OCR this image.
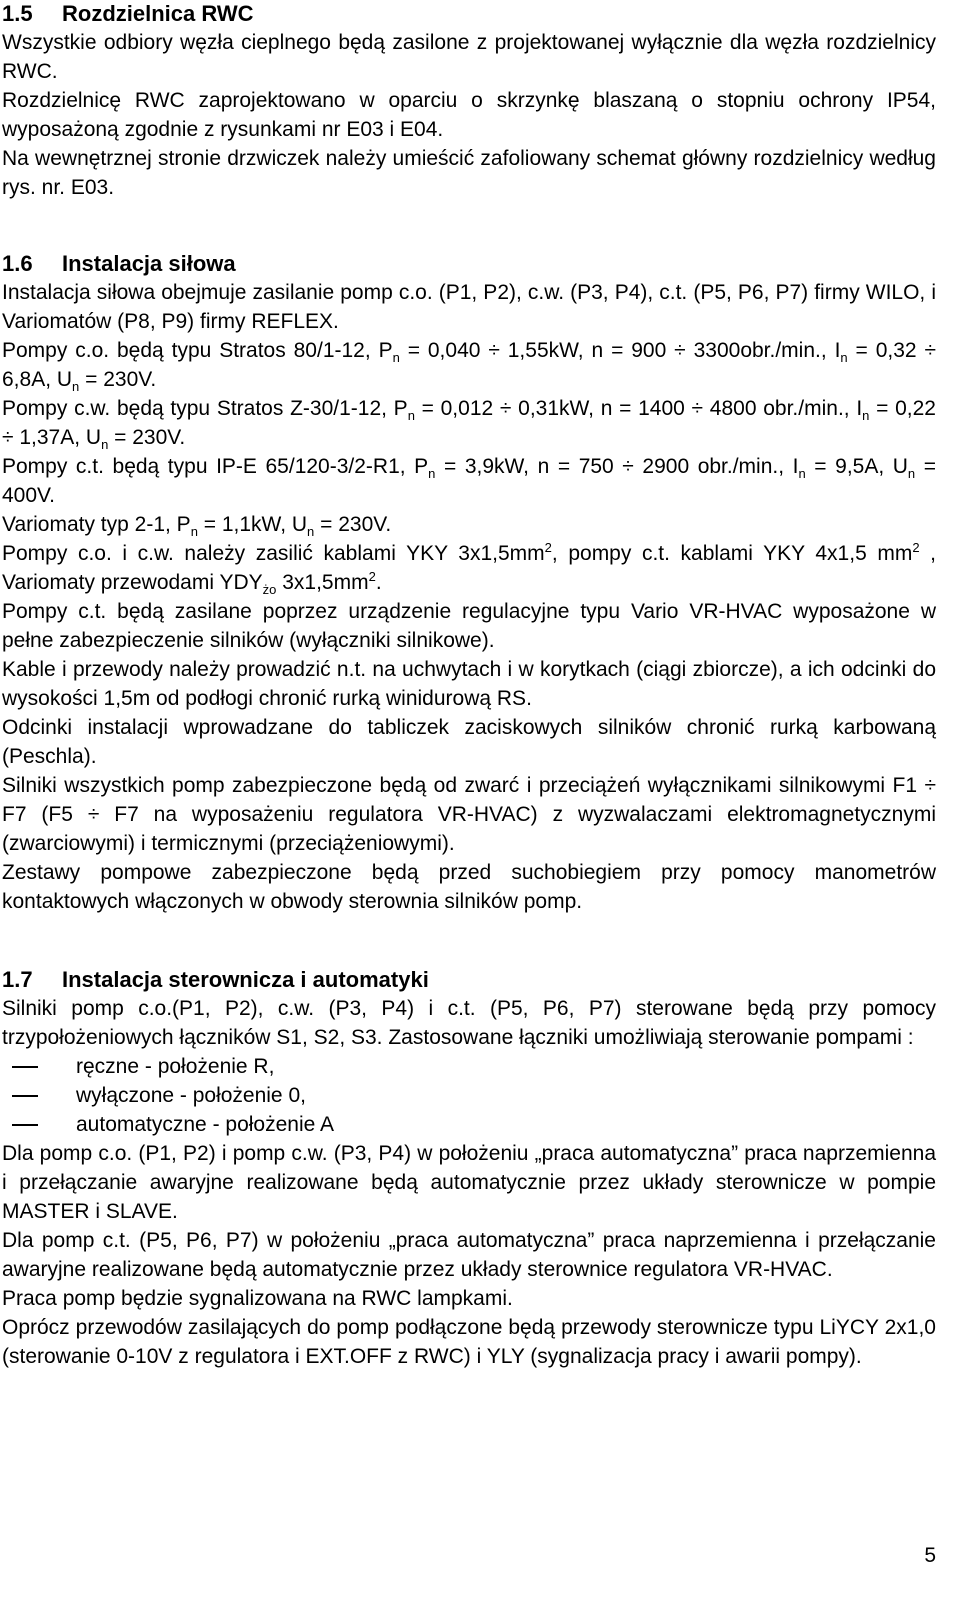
1.5 Rozdzielnica RWC

Wszystkie odbiory węzła cieplnego będą zasilone z projektowanej wyłącznie dla węzła rozdzielnicy RWC.

Rozdzielnicę RWC zaprojektowano w oparciu o skrzynkę blaszaną o stopniu ochrony IP54, wyposażoną zgodnie z rysunkami nr E03 i E04.

Na wewnętrznej stronie drzwiczek należy umieścić zafoliowany schemat główny rozdzielnicy według rys. nr. E03.

1.6 Instalacja siłowa

Instalacja siłowa obejmuje zasilanie pomp c.o. (P1, P2), c.w. (P3, P4), c.t. (P5, P6, P7) firmy WILO, i Variomatów (P8, P9) firmy REFLEX.

Pompy c.o. będą typu Stratos 80/1-12, $P_n = 0,040 \div 1,55kW$, n = 900 ÷ 3300obr./min., $I_n = 0,32 \div 6,8A$, $U_n = 230V$.

Pompy c.w. będą typu Stratos Z-30/1-12, $P_n = 0,012 \div 0,31kW$, n = 1400 ÷ 4800 obr./min., $I_n = 0,22 \div 1,37A$, $U_n = 230V$.

Pompy c.t. będą typu IP-E 65/120-3/2-R1, $P_n = 3,9kW$, n = 750 ÷ 2900 obr./min., $I_n = 9,5A$, $U_n = 400V$.

Variomaty typ 2-1, $P_n = 1,1kW$, $U_n = 230V$.

Pompy c.o. i c.w. należy zasilić kablami YKY $3x1,5mm^2$, pompy c.t. kablami YKY 4x1,5 $mm^2$ , Variomaty przewodami $YDY_{żo}$ $3x1,5mm^2$.

Pompy c.t. będą zasilane poprzez urządzenie regulacyjne typu Vario VR-HVAC wyposażone w pełne zabezpieczenie silników (wyłączniki silnikowe).

Kable i przewody należy prowadzić n.t. na uchwytach i w korytkach (ciągi zbiorcze), a ich odcinki do wysokości 1,5m od podłogi chronić rurką winidurową RS.

Odcinki instalacji wprowadzane do tabliczek zaciskowych silników chronić rurką karbowaną (Peschla).

Silniki wszystkich pomp zabezpieczone będą od zwarć i przeciążeń wyłącznikami silnikowymi F1 ÷ F7 (F5 ÷ F7 na wyposażeniu regulatora VR-HVAC) z wyzwalaczami elektromagnetycznymi (zwarciowymi) i termicznymi (przeciążeniowymi).

Zestawy pompowe zabezpieczone będą przed suchobiegiem przy pomocy manometrów kontaktowych włączonych w obwody sterownia silników pomp.

1.7 Instalacja sterownicza i automatyki

Silniki pomp c.o.(P1, P2), c.w. (P3, P4) i c.t. (P5, P6, P7) sterowane będą przy pomocy trzypołożeniowych łączników S1, S2, S3. Zastosowane łączniki umożliwiają sterowanie pompami :

ręczne - położenie R,
wyłączone - położenie 0,
automatyczne - położenie A

Dla pomp c.o. (P1, P2) i pomp c.w. (P3, P4) w położeniu „praca automatyczna” praca naprzemienna i przełączanie awaryjne realizowane będą automatycznie przez układy sterownicze w pompie MASTER i SLAVE.

Dla pomp c.t. (P5, P6, P7) w położeniu „praca automatyczna” praca naprzemienna i przełączanie awaryjne realizowane będą automatycznie przez układy sterownice regulatora VR-HVAC.

Praca pomp będzie sygnalizowana na RWC lampkami.

Oprócz przewodów zasilających do pomp podłączone będą przewody sterownicze typu LiYCY 2x1,0 (sterowanie 0-10V z regulatora i EXT.OFF z RWC) i YLY (sygnalizacja pracy i awarii pompy).

5
